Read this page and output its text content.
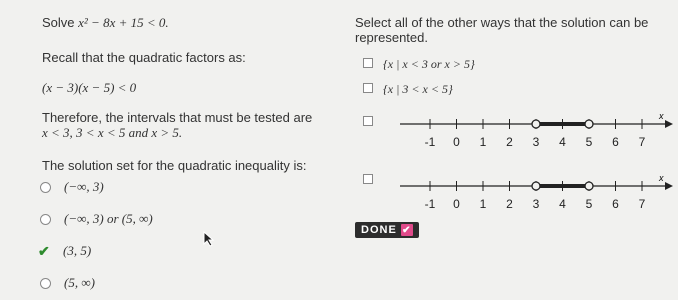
Solve x² − 8x + 15 < 0.
Recall that the quadratic factors as:
(x − 3)(x − 5) < 0
Therefore, the intervals that must be tested are
x < 3, 3 < x < 5 and x > 5.
The solution set for the quadratic inequality is:
(−∞, 3)
(−∞, 3) or (5, ∞)
✔ (3, 5)
(5, ∞)
Select all of the other ways that the solution can be
represented.
{x | x < 3 or x > 5}
{x | 3 < x < 5}
x
-1 0 1 2 3 4 5 6 7
x
-1 0 1 2 3 4 5 6 7
DONE ✔
